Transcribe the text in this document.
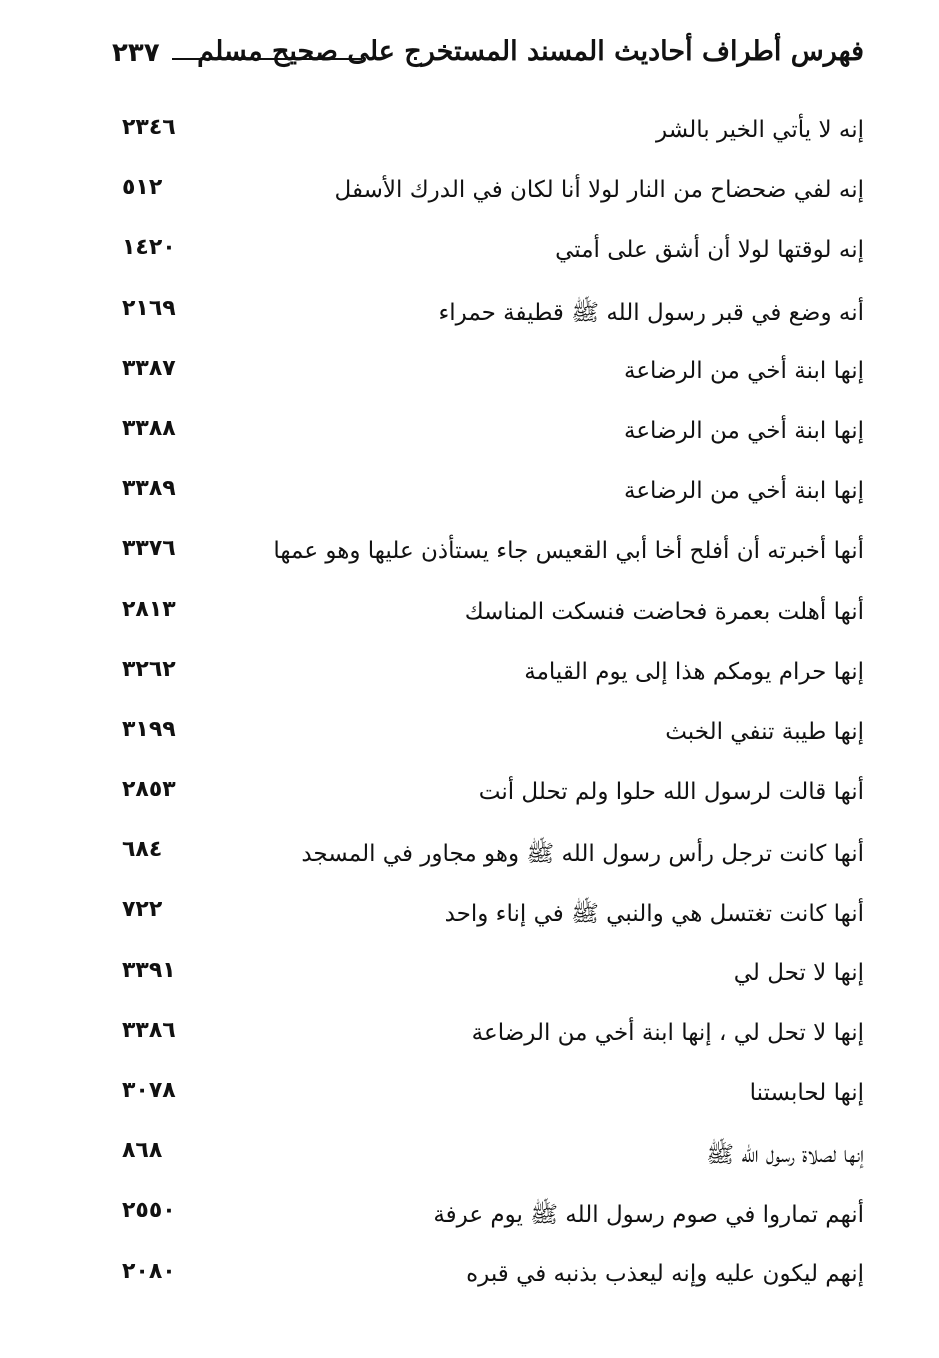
٢٣٧ فهرس أطراف أحاديث المسند المستخرج على صحيح مسلم
إنه لا يأتي الخير بالشر
٢٣٤٦
إنه لفي ضحضاح من النار لولا أنا لكان في الدرك الأسفل
٥١٢
إنه لوقتها لولا أن أشق على أمتي
١٤٢٠
أنه وضع في قبر رسول الله ﷺ قطيفة حمراء
٢١٦٩
إنها ابنة أخي من الرضاعة
٣٣٨٧
إنها ابنة أخي من الرضاعة
٣٣٨٨
إنها ابنة أخي من الرضاعة
٣٣٨٩
أنها أخبرته أن أفلح أخا أبي القعيس جاء يستأذن عليها وهو عمها
٣٣٧٦
أنها أهلت بعمرة فحاضت فنسكت المناسك
٢٨١٣
إنها حرام يومكم هذا إلى يوم القيامة
٣٢٦٢
إنها طيبة تنفي الخبث
٣١٩٩
أنها قالت لرسول الله حلوا ولم تحلل أنت
٢٨٥٣
أنها كانت ترجل رأس رسول الله ﷺ وهو مجاور في المسجد
٦٨٤
أنها كانت تغتسل هي والنبي ﷺ في إناء واحد
٧٢٢
إنها لا تحل لي
٣٣٩١
إنها لا تحل لي ، إنها ابنة أخي من الرضاعة
٣٣٨٦
إنها لحابستنا
٣٠٧٨
إنها لصلاة رسول الله ﷺ
٨٦٨
أنهم تماروا في صوم رسول الله ﷺ يوم عرفة
٢٥٥٠
إنهم ليكون عليه وإنه ليعذب بذنبه في قبره
٢٠٨٠
